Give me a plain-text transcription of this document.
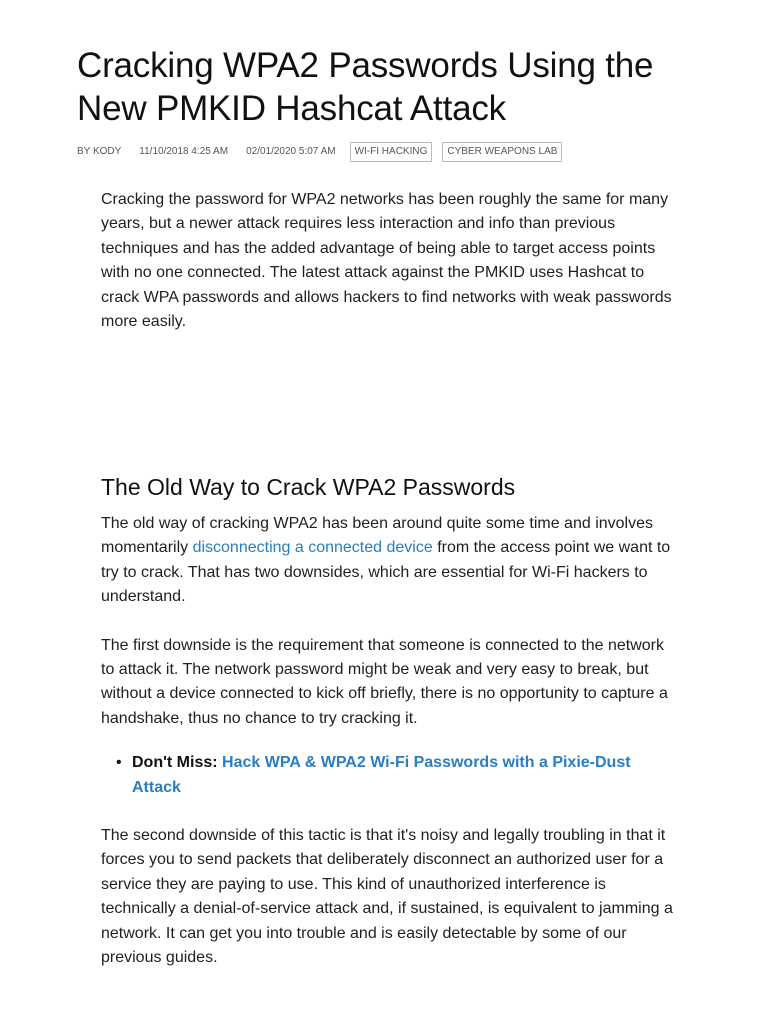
Cracking WPA2 Passwords Using the New PMKID Hashcat Attack
BY KODY 11/10/2018 4:25 AM 02/01/2020 5:07 AM	WI-FI HACKING	CYBER WEAPONS LAB

Cracking the password for WPA2 networks has been roughly the same for many years, but a newer attack requires less interaction and info than previous techniques and has the added advantage of being able to target access points with no one connected. The latest attack against the PMKID uses Hashcat to crack WPA passwords and allows hackers to find networks with weak passwords more easily.

The Old Way to Crack WPA2 Passwords

The old way of cracking WPA2 has been around quite some time and involves momentarily disconnecting a connected device from the access point we want to try to crack. That has two downsides, which are essential for Wi-Fi hackers to understand.

The first downside is the requirement that someone is connected to the network to attack it. The network password might be weak and very easy to break, but without a device connected to kick off briefly, there is no opportunity to capture a handshake, thus no chance to try cracking it.

• Don't Miss: Hack WPA & WPA2 Wi-Fi Passwords with a Pixie-Dust Attack

The second downside of this tactic is that it's noisy and legally troubling in that it forces you to send packets that deliberately disconnect an authorized user for a service they are paying to use. This kind of unauthorized interference is technically a denial-of-service attack and, if sustained, is equivalent to jamming a network. It can get you into trouble and is easily detectable by some of our previous guides.
